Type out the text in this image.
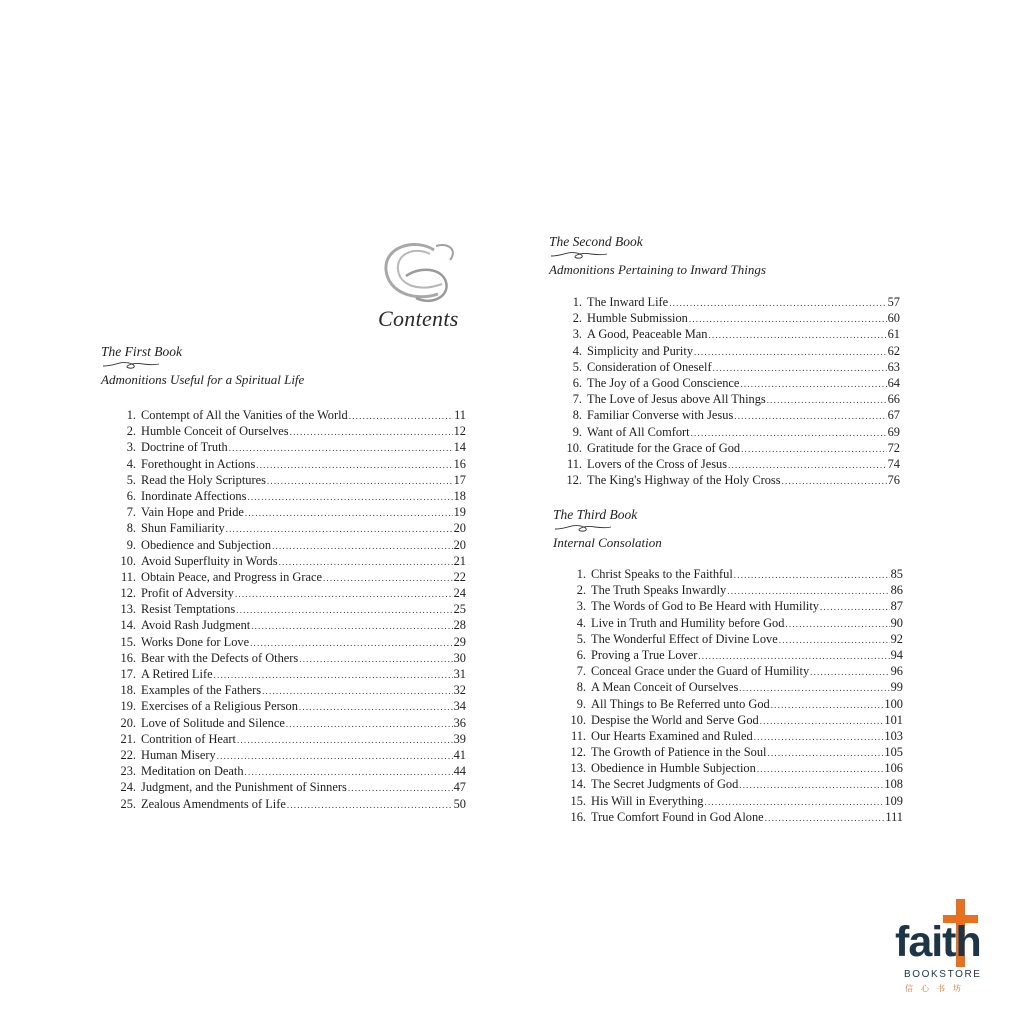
Contents

The First Book

Admonitions Useful for a Spiritual Life

1. Contempt of All the Vanities of the World .....	11
2. Humble Conceit of Ourselves .....	12
3. Doctrine of Truth .....	14
4. Forethought in Actions .....	16
5. Read the Holy Scriptures .....	17
6. Inordinate Affections .....	18
7. Vain Hope and Pride .....	19
8. Shun Familiarity .....	20
9. Obedience and Subjection .....	20
10. Avoid Superfluity in Words .....	21
11. Obtain Peace, and Progress in Grace .....	22
12. Profit of Adversity .....	24
13. Resist Temptations .....	25
14. Avoid Rash Judgment .....	28
15. Works Done for Love .....	29
16. Bear with the Defects of Others .....	30
17. A Retired Life .....	31
18. Examples of the Fathers .....	32
19. Exercises of a Religious Person .....	34
20. Love of Solitude and Silence .....	36
21. Contrition of Heart .....	39
22. Human Misery .....	41
23. Meditation on Death .....	44
24. Judgment, and the Punishment of Sinners .....	47
25. Zealous Amendments of Life .....	50

The Second Book

Admonitions Pertaining to Inward Things

1. The Inward Life .....	57
2. Humble Submission .....	60
3. A Good, Peaceable Man .....	61
4. Simplicity and Purity .....	62
5. Consideration of Oneself .....	63
6. The Joy of a Good Conscience .....	64
7. The Love of Jesus above All Things .....	66
8. Familiar Converse with Jesus .....	67
9. Want of All Comfort .....	69
10. Gratitude for the Grace of God .....	72
11. Lovers of the Cross of Jesus .....	74
12. The King's Highway of the Holy Cross .....	76

The Third Book

Internal Consolation

1. Christ Speaks to the Faithful .....	85
2. The Truth Speaks Inwardly .....	86
3. The Words of God to Be Heard with Humility .....	87
4. Live in Truth and Humility before God .....	90
5. The Wonderful Effect of Divine Love .....	92
6. Proving a True Lover .....	94
7. Conceal Grace under the Guard of Humility .....	96
8. A Mean Conceit of Ourselves .....	99
9. All Things to Be Referred unto God .....	100
10. Despise the World and Serve God .....	101
11. Our Hearts Examined and Ruled .....	103
12. The Growth of Patience in the Soul .....	105
13. Obedience in Humble Subjection .....	106
14. The Secret Judgments of God .....	108
15. His Will in Everything .....	109
16. True Comfort Found in God Alone .....	111
faith
BOOKSTORE
信心书坊
